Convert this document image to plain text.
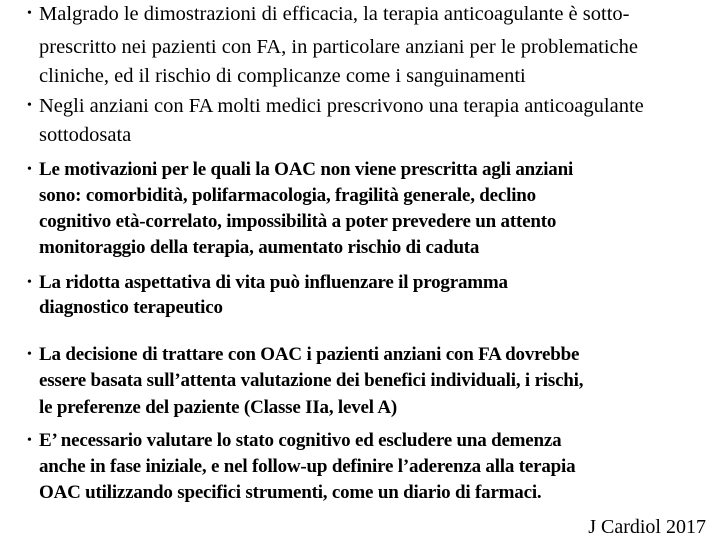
• Malgrado le dimostrazioni di efficacia, la terapia anticoagulante è sotto-
prescritto nei pazienti con FA, in particolare anziani per le problematiche
cliniche, ed il rischio di complicanze come i sanguinamenti
• Negli anziani con FA molti medici prescrivono una terapia anticoagulante
sottodosata
• Le motivazioni per le quali la OAC non viene prescritta agli anziani
sono: comorbidità, polifarmacologia, fragilità generale, declino
cognitivo età-correlato, impossibilità a poter prevedere un attento
monitoraggio della terapia, aumentato rischio di caduta
• La ridotta aspettativa di vita può influenzare il programma
diagnostico terapeutico
• La decisione di trattare con OAC i pazienti anziani con FA dovrebbe
essere basata sull’attenta valutazione dei benefici individuali, i rischi,
le preferenze del paziente (Classe IIa, level A)
• E’ necessario valutare lo stato cognitivo ed escludere una demenza
anche in fase iniziale, e nel follow-up definire l’aderenza alla terapia
OAC utilizzando specifici strumenti, come un diario di farmaci.
J Cardiol 2017
